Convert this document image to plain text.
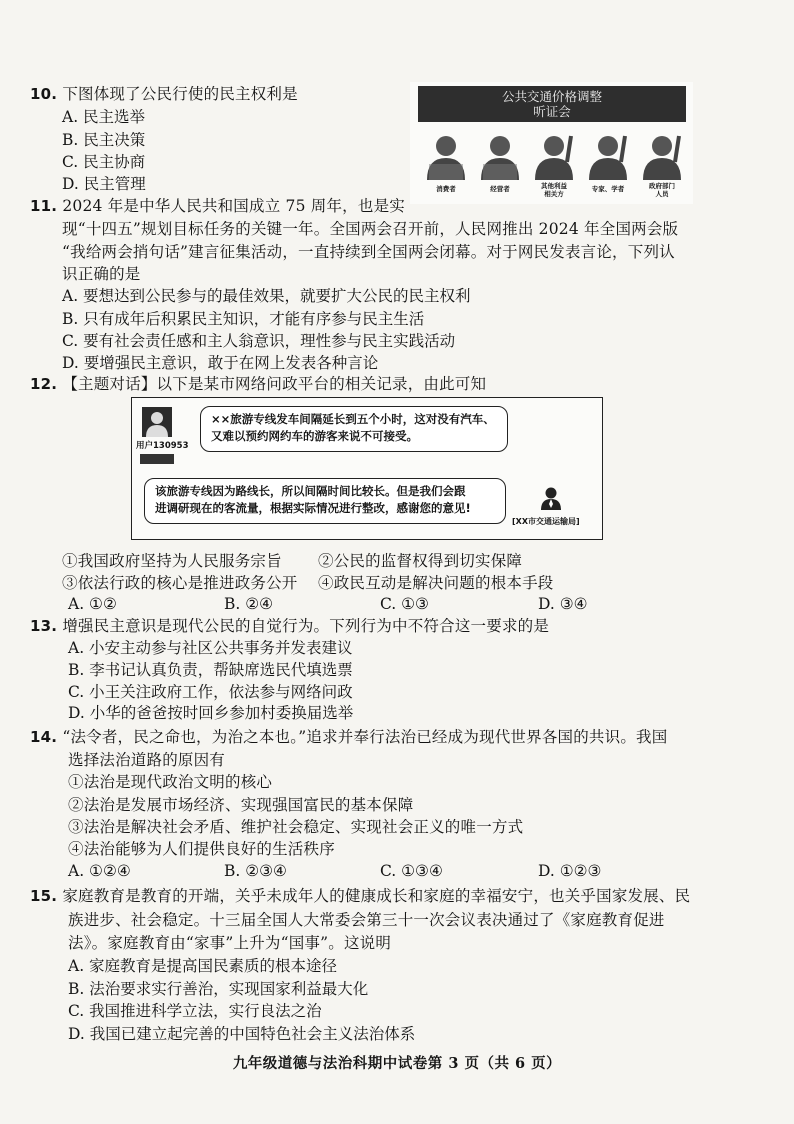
10. 下图体现了公民行使的民主权利是
A. 民主选举
B. 民主决策
C. 民主协商
D. 民主管理
公共交通价格调整
听证会
消费者	经营者	其他利益
相关方
专家、学者	政府部门
人员
11. 2024 年是中华人民共和国成立 75 周年，也是实
现“十四五”规划目标任务的关键一年。全国两会召开前，人民网推出 2024 年全国两会版
“我给两会捎句话”建言征集活动，一直持续到全国两会闭幕。对于网民发表言论，下列认
识正确的是
A. 要想达到公民参与的最佳效果，就要扩大公民的民主权利
B. 只有成年后积累民主知识，才能有序参与民主生活
C. 要有社会责任感和主人翁意识，理性参与民主实践活动
D. 要增强民主意识，敢于在网上发表各种言论
12. 【主题对话】以下是某市网络问政平台的相关记录，由此可知
用户130953
××旅游专线发车间隔延长到五个小时，这对没有汽车、
又难以预约网约车的游客来说不可接受。
该旅游专线因为路线长，所以间隔时间比较长。但是我们会跟
进调研现在的客流量，根据实际情况进行整改，感谢您的意见!
[XX市交通运输局]
①我国政府坚持为人民服务宗旨 ②公民的监督权得到切实保障
③依法行政的核心是推进政务公开 ④政民互动是解决问题的根本手段
A. ①②	B. ②④	C. ①③	D. ③④
13. 增强民主意识是现代公民的自觉行为。下列行为中不符合这一要求的是
A. 小安主动参与社区公共事务并发表建议
B. 李书记认真负责，帮缺席选民代填选票
C. 小王关注政府工作，依法参与网络问政
D. 小华的爸爸按时回乡参加村委换届选举
14. “法令者，民之命也，为治之本也。”追求并奉行法治已经成为现代世界各国的共识。我国
选择法治道路的原因有
①法治是现代政治文明的核心
②法治是发展市场经济、实现强国富民的基本保障
③法治是解决社会矛盾、维护社会稳定、实现社会正义的唯一方式
④法治能够为人们提供良好的生活秩序
A. ①②④	B. ②③④	C. ①③④	D. ①②③
15. 家庭教育是教育的开端，关乎未成年人的健康成长和家庭的幸福安宁，也关乎国家发展、民
族进步、社会稳定。十三届全国人大常委会第三十一次会议表决通过了《家庭教育促进
法》。家庭教育由“家事”上升为“国事”。这说明
A. 家庭教育是提高国民素质的根本途径
B. 法治要求实行善治，实现国家利益最大化
C. 我国推进科学立法，实行良法之治
D. 我国已建立起完善的中国特色社会主义法治体系
九年级道德与法治科期中试卷第 3 页（共 6 页）
